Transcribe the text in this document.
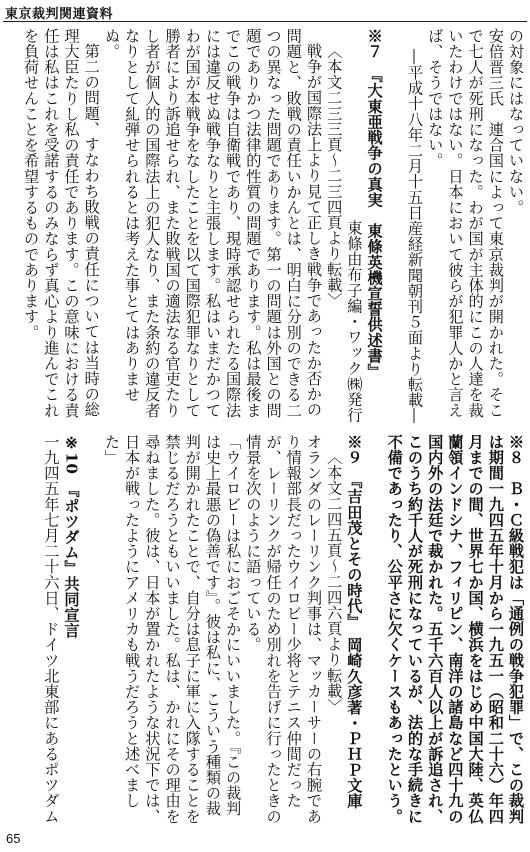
東京裁判関連資料

の対象にはなっていない。

安倍晋三氏　連合国によって東京裁判が開かれた。そこで七人が死刑になった。わが国が主体的にこの人達を裁いたわけではない。日本において彼らが犯罪人かと言えば、そうではない。

―平成十八年二月十五日産経新聞朝刊５面より転載―

※７　『大東亜戦争の真実　東條英機宣誓供述書』

東條由布子編・ワック㈱発行

〈本文二三三頁〜二三四頁より転載〉

戦争が国際法上より見て正しき戦争であったか否かの問題と、敗戦の責任いかんとは、明白に分別のできる二つの異なった問題であります。第一の問題は外国との問題でありかつ法律的性質の問題であります。私は最後までこの戦争は自衛戦であり、現時承認せられたる国際法には違反せぬ戦争なりと主張します。私はいまだかつてわが国が本戦争をなしたことを以て国際犯罪なりとして勝者により訴追せられ、また敗戦国の適法なる官吏たりし者が個人的の国際法上の犯人なり、また条約の違反者なりとして糺弾せられるとは考えた事とてはありませぬ。

第二の問題、すなわち敗戦の責任については当時の総理大臣たりし私の責任であります。この意味における責任は私はこれを受諾するのみならず真心より進んでこれを負荷せんことを希望するものであります。

※８　Ｂ・Ｃ級戦犯は「通例の戦争犯罪」で、この裁判は期間一九四五年十月から一九五一（昭和二十六）年四月までの間、世界七か国、横浜をはじめ中国大陸、英仏蘭領インドシナ、フィリピン、南洋の諸島など四十九の国内外の法廷で裁かれた。五千六百人以上が訴追され、このうち約千人が死刑になっているが、法的な手続きに不備であったり、公平さに欠くケースもあったという。

※９　『吉田茂とその時代』　岡崎久彦著・ＰＨＰ文庫

〈本文二四五頁〜二四六頁より転載〉

オランダのレーリンク判事は、マッカーサーの右腕であり情報部長だったウイロビー少将とテニス仲間だったが、レーリンクが帰任のため別れを告げに行ったときの情景を次のように語っている。

「ウイロビーは私におごそかにいいました。『この裁判は史上最悪の偽善です』。彼は私に、こういう種類の裁判が開かれたことで、自分は息子に軍に入隊することを禁じるだろうともいいました。私は、かれにその理由を尋ねました。彼は、日本が置かれたような状況下では、日本が戦ったようにアメリカも戦うだろうと述べました」

※10　『ポツダム』共同宣言

一九四五年七月二十六日、ドイツ北東部にあるポツダム

65
